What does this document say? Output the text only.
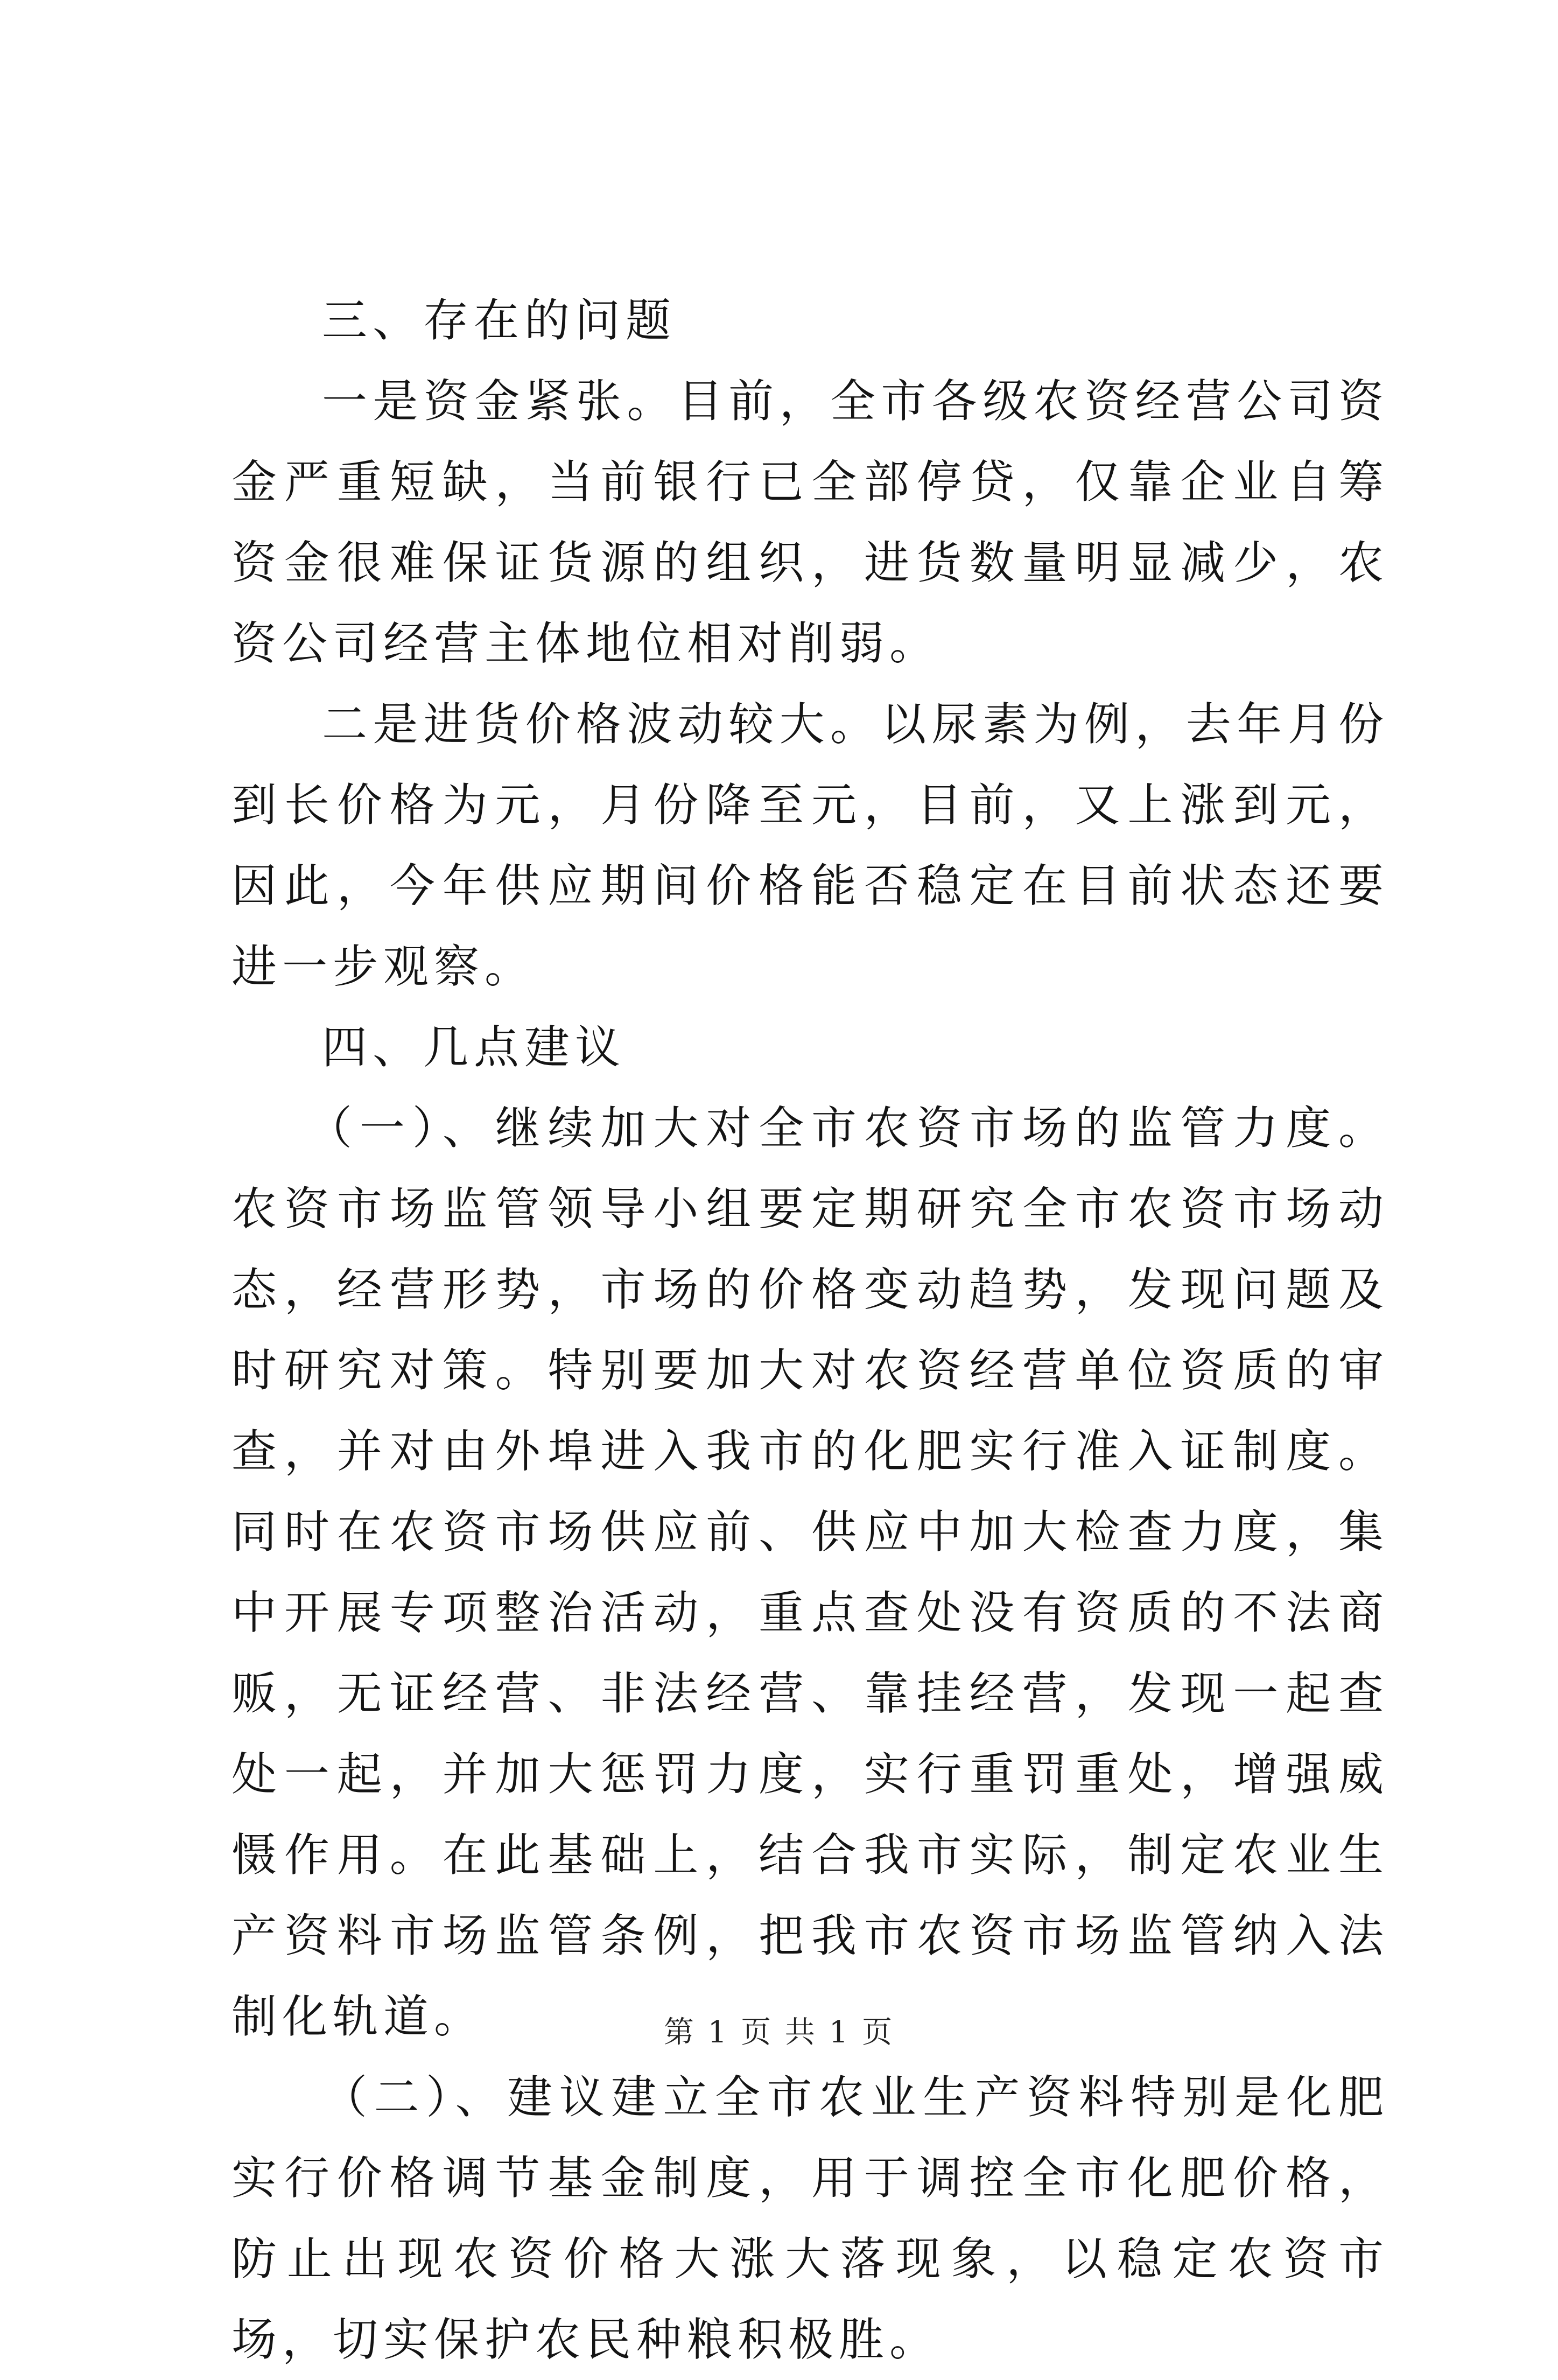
三、存在的问题

一是资金紧张。目前，全市各级农资经营公司资金严重短缺，当前银行已全部停贷，仅靠企业自筹资金很难保证货源的组织，进货数量明显减少，农资公司经营主体地位相对削弱。

二是进货价格波动较大。以尿素为例，去年月份到长价格为元，月份降至元，目前，又上涨到元，因此，今年供应期间价格能否稳定在目前状态还要进一步观察。

四、几点建议

（一）、继续加大对全市农资市场的监管力度。农资市场监管领导小组要定期研究全市农资市场动态，经营形势，市场的价格变动趋势，发现问题及时研究对策。特别要加大对农资经营单位资质的审查，并对由外埠进入我市的化肥实行准入证制度。同时在农资市场供应前、供应中加大检查力度，集中开展专项整治活动，重点查处没有资质的不法商贩，无证经营、非法经营、靠挂经营，发现一起查处一起，并加大惩罚力度，实行重罚重处，增强威慑作用。在此基础上，结合我市实际，制定农业生产资料市场监管条例，把我市农资市场监管纳入法制化轨道。

（二）、建议建立全市农业生产资料特别是化肥实行价格调节基金制度，用于调控全市化肥价格，防止出现农资价格大涨大落现象，以稳定农资市场，切实保护农民种粮积极胜。

第 1 页 共 1 页
